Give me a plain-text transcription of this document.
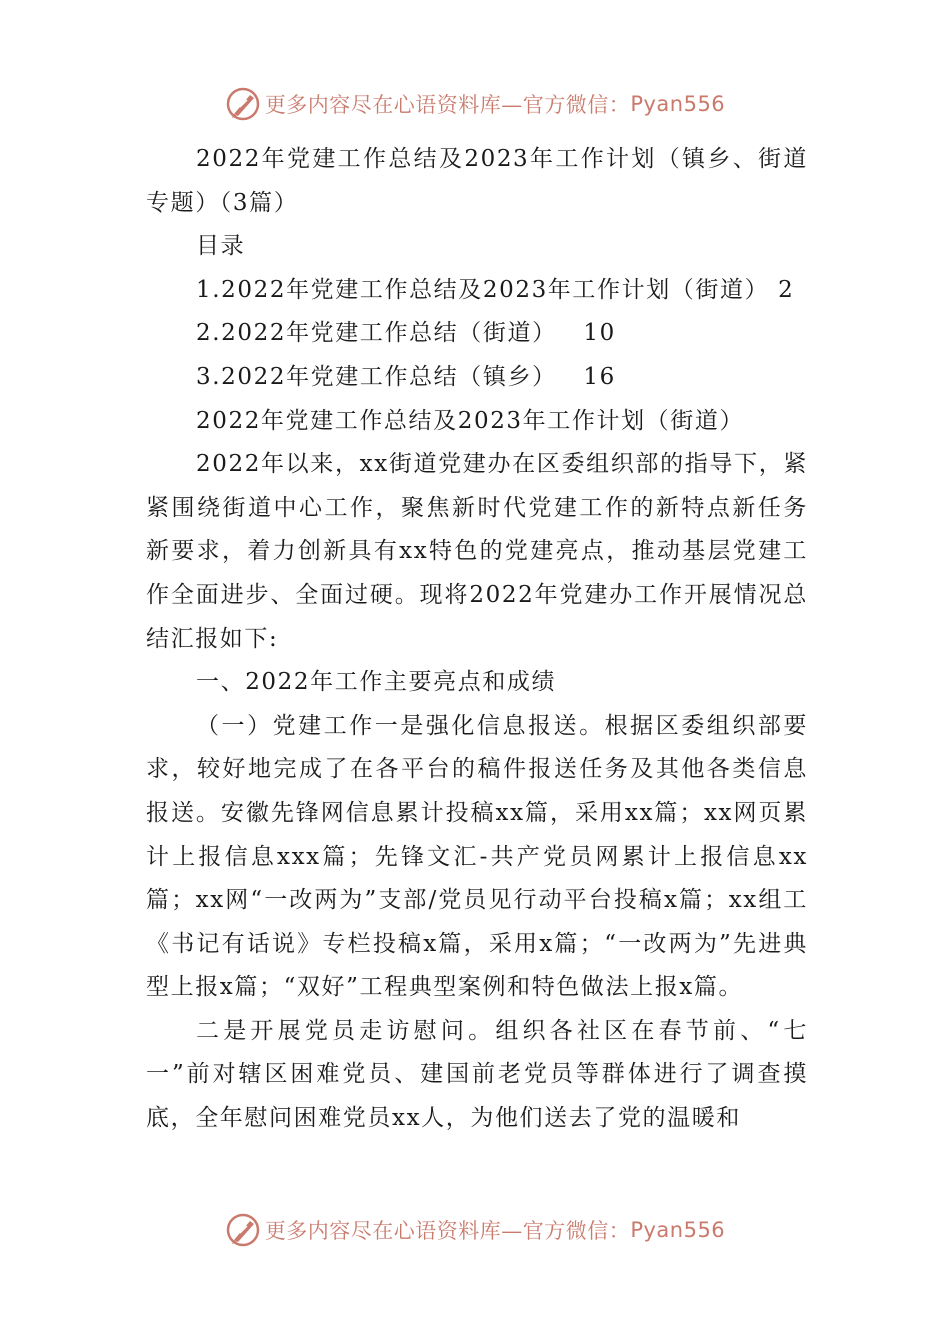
更多内容尽在心语资料库—官方微信： Pyan556

2022年党建工作总结及2023年工作计划（镇乡、街道专题）（3篇）

目录

1.2022年党建工作总结及2023年工作计划（街道） 2

2.2022年党建工作总结（街道）   10

3.2022年党建工作总结（镇乡）   16

2022年党建工作总结及2023年工作计划（街道）

2022年以来，xx街道党建办在区委组织部的指导下，紧紧围绕街道中心工作，聚焦新时代党建工作的新特点新任务新要求，着力创新具有xx特色的党建亮点，推动基层党建工作全面进步、全面过硬。现将2022年党建办工作开展情况总结汇报如下:

一、2022年工作主要亮点和成绩

（一）党建工作一是强化信息报送。根据区委组织部要求，较好地完成了在各平台的稿件报送任务及其他各类信息报送。安徽先锋网信息累计投稿xx篇，采用xx篇；xx网页累计上报信息xxx篇；先锋文汇-共产党员网累计上报信息xx篇；xx网“一改两为”支部/党员见行动平台投稿x篇；xx组工《书记有话说》专栏投稿x篇，采用x篇；“一改两为”先进典型上报x篇；“双好”工程典型案例和特色做法上报x篇。

二是开展党员走访慰问。组织各社区在春节前、“七一”前对辖区困难党员、建国前老党员等群体进行了调查摸底，全年慰问困难党员xx人，为他们送去了党的温暖和

更多内容尽在心语资料库—官方微信： Pyan556
